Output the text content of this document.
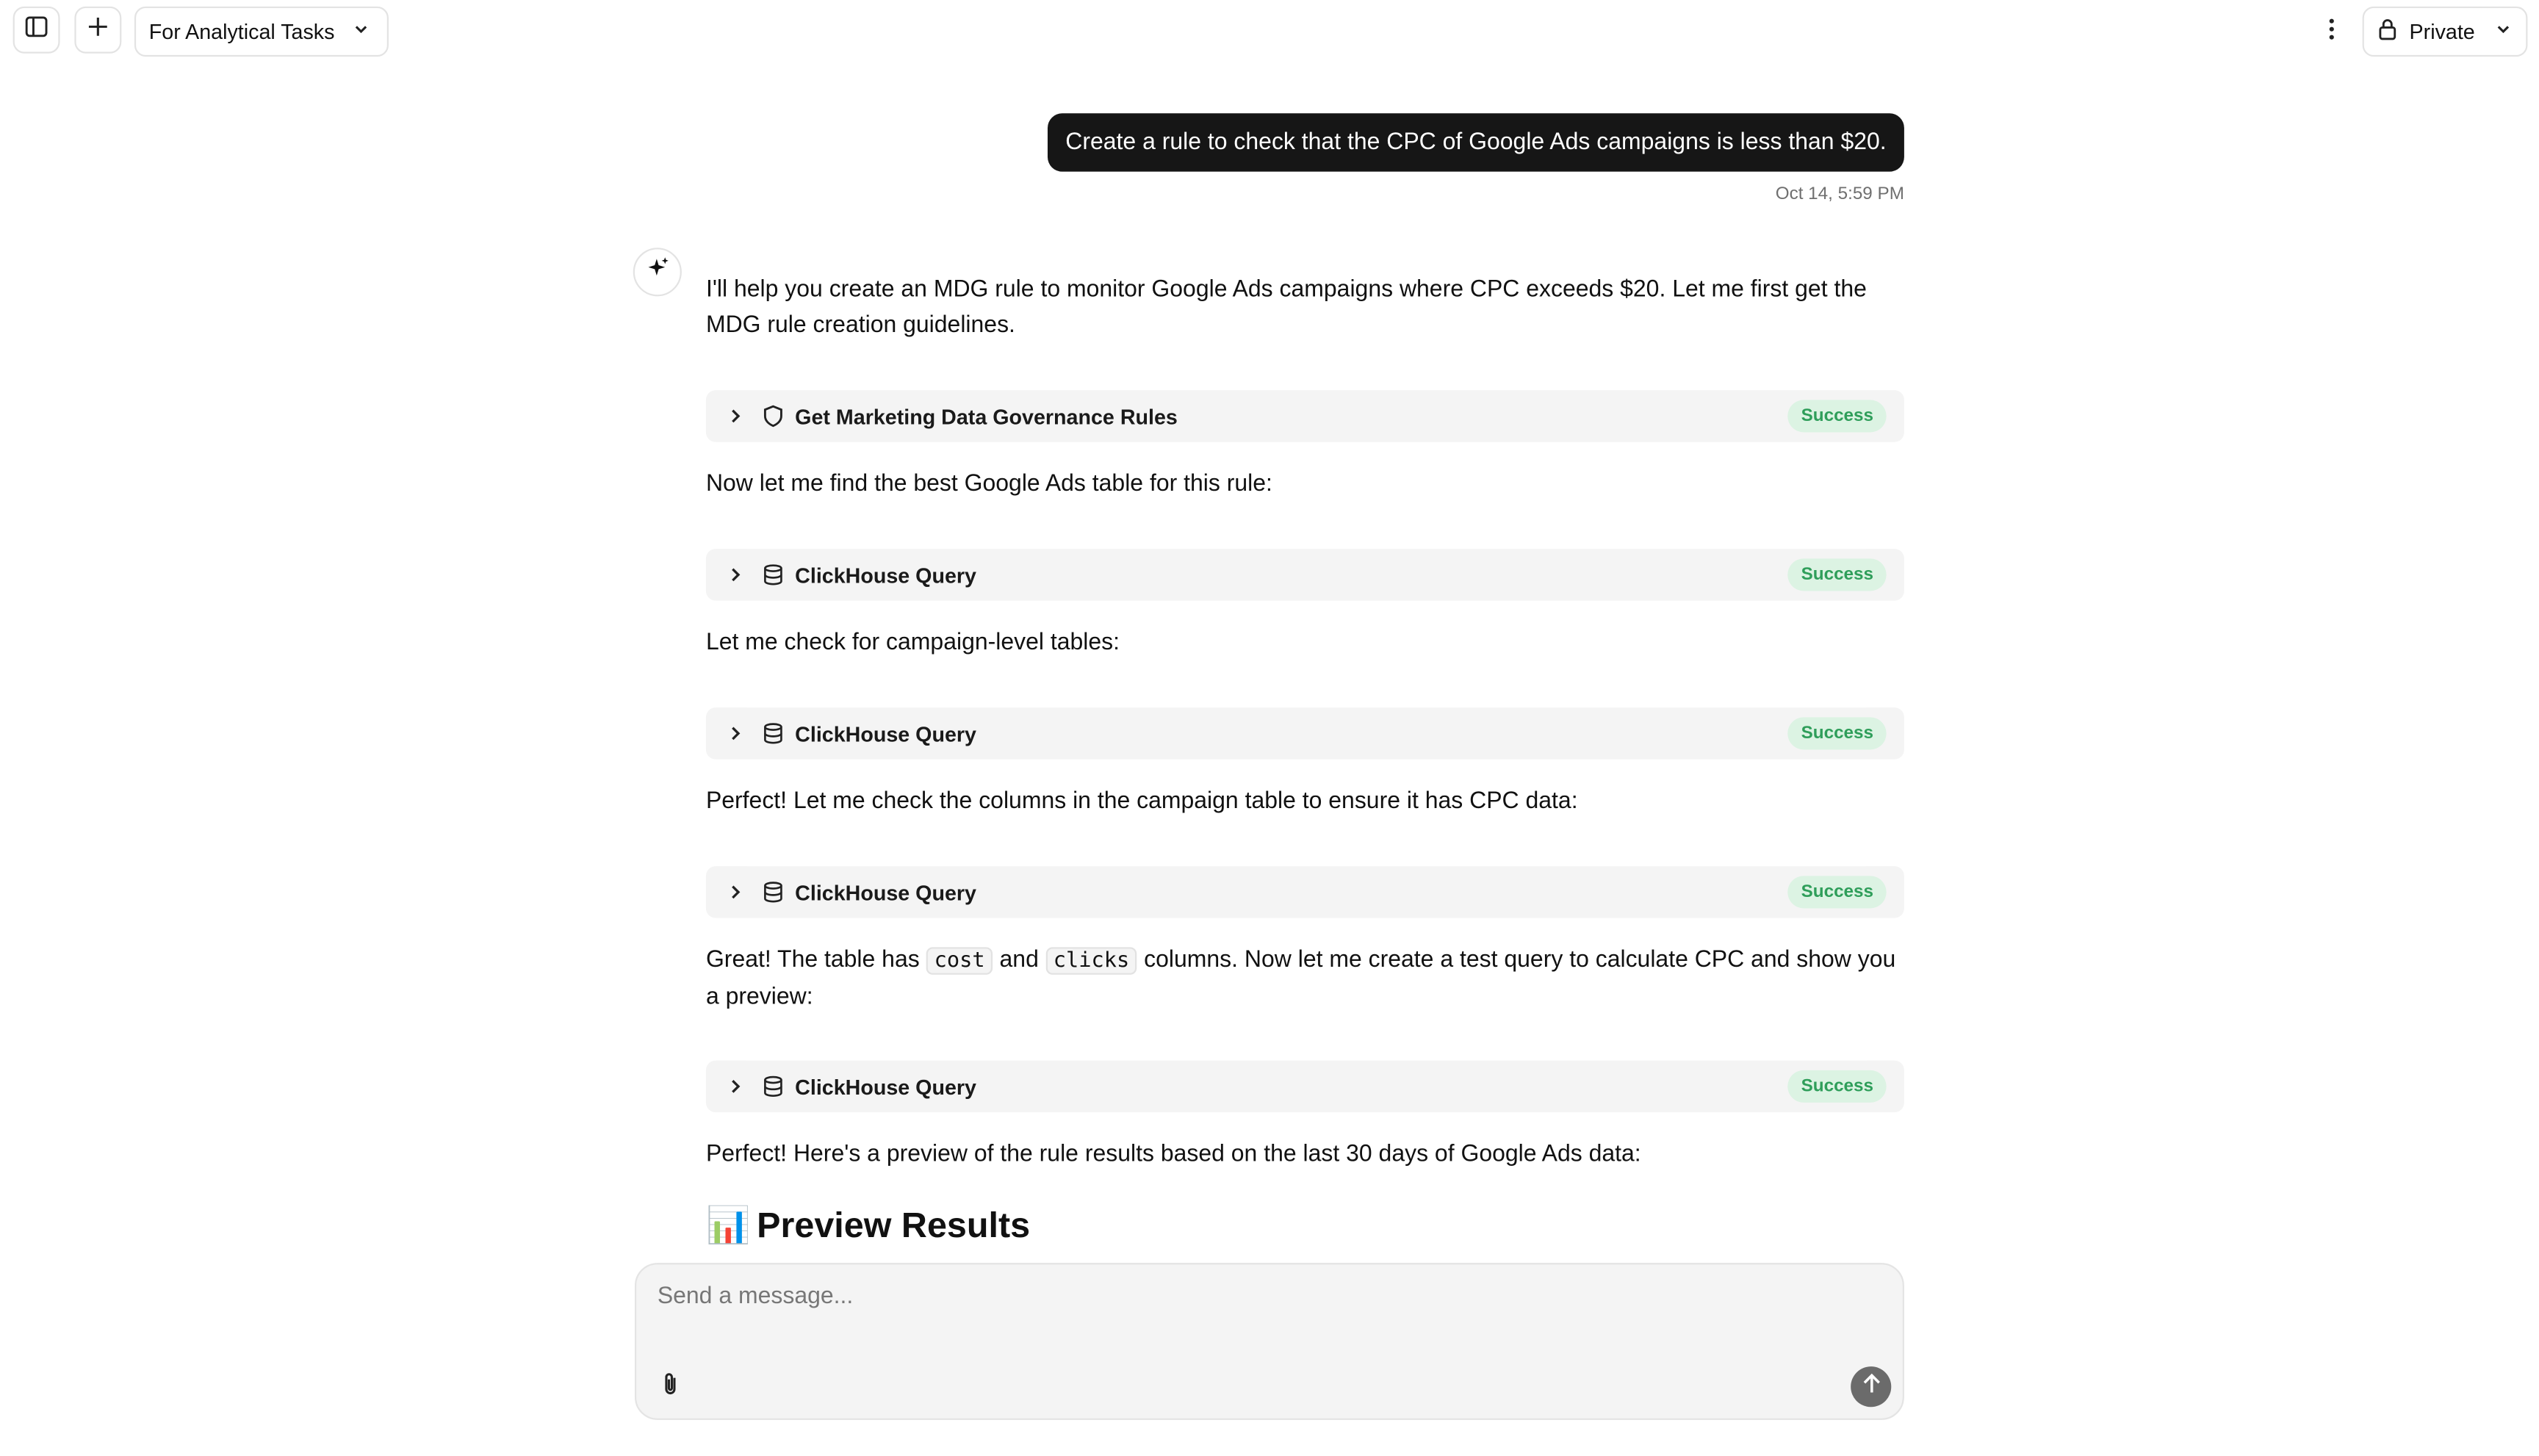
For Analytical Tasks	Private
Create a rule to check that the CPC of Google Ads campaigns is less than $20.
Oct 14, 5:59 PM
I'll help you create an MDG rule to monitor Google Ads campaigns where CPC exceeds $20. Let me first get the MDG rule creation guidelines.
Get Marketing Data Governance Rules	Success
Now let me find the best Google Ads table for this rule:
ClickHouse Query	Success
Let me check for campaign-level tables:
ClickHouse Query	Success
Perfect! Let me check the columns in the campaign table to ensure it has CPC data:
ClickHouse Query	Success
Great! The table has cost and clicks columns. Now let me create a test query to calculate CPC and show you a preview:
ClickHouse Query	Success
Perfect! Here's a preview of the rule results based on the last 30 days of Google Ads data:
📊 Preview Results
Send a message...
